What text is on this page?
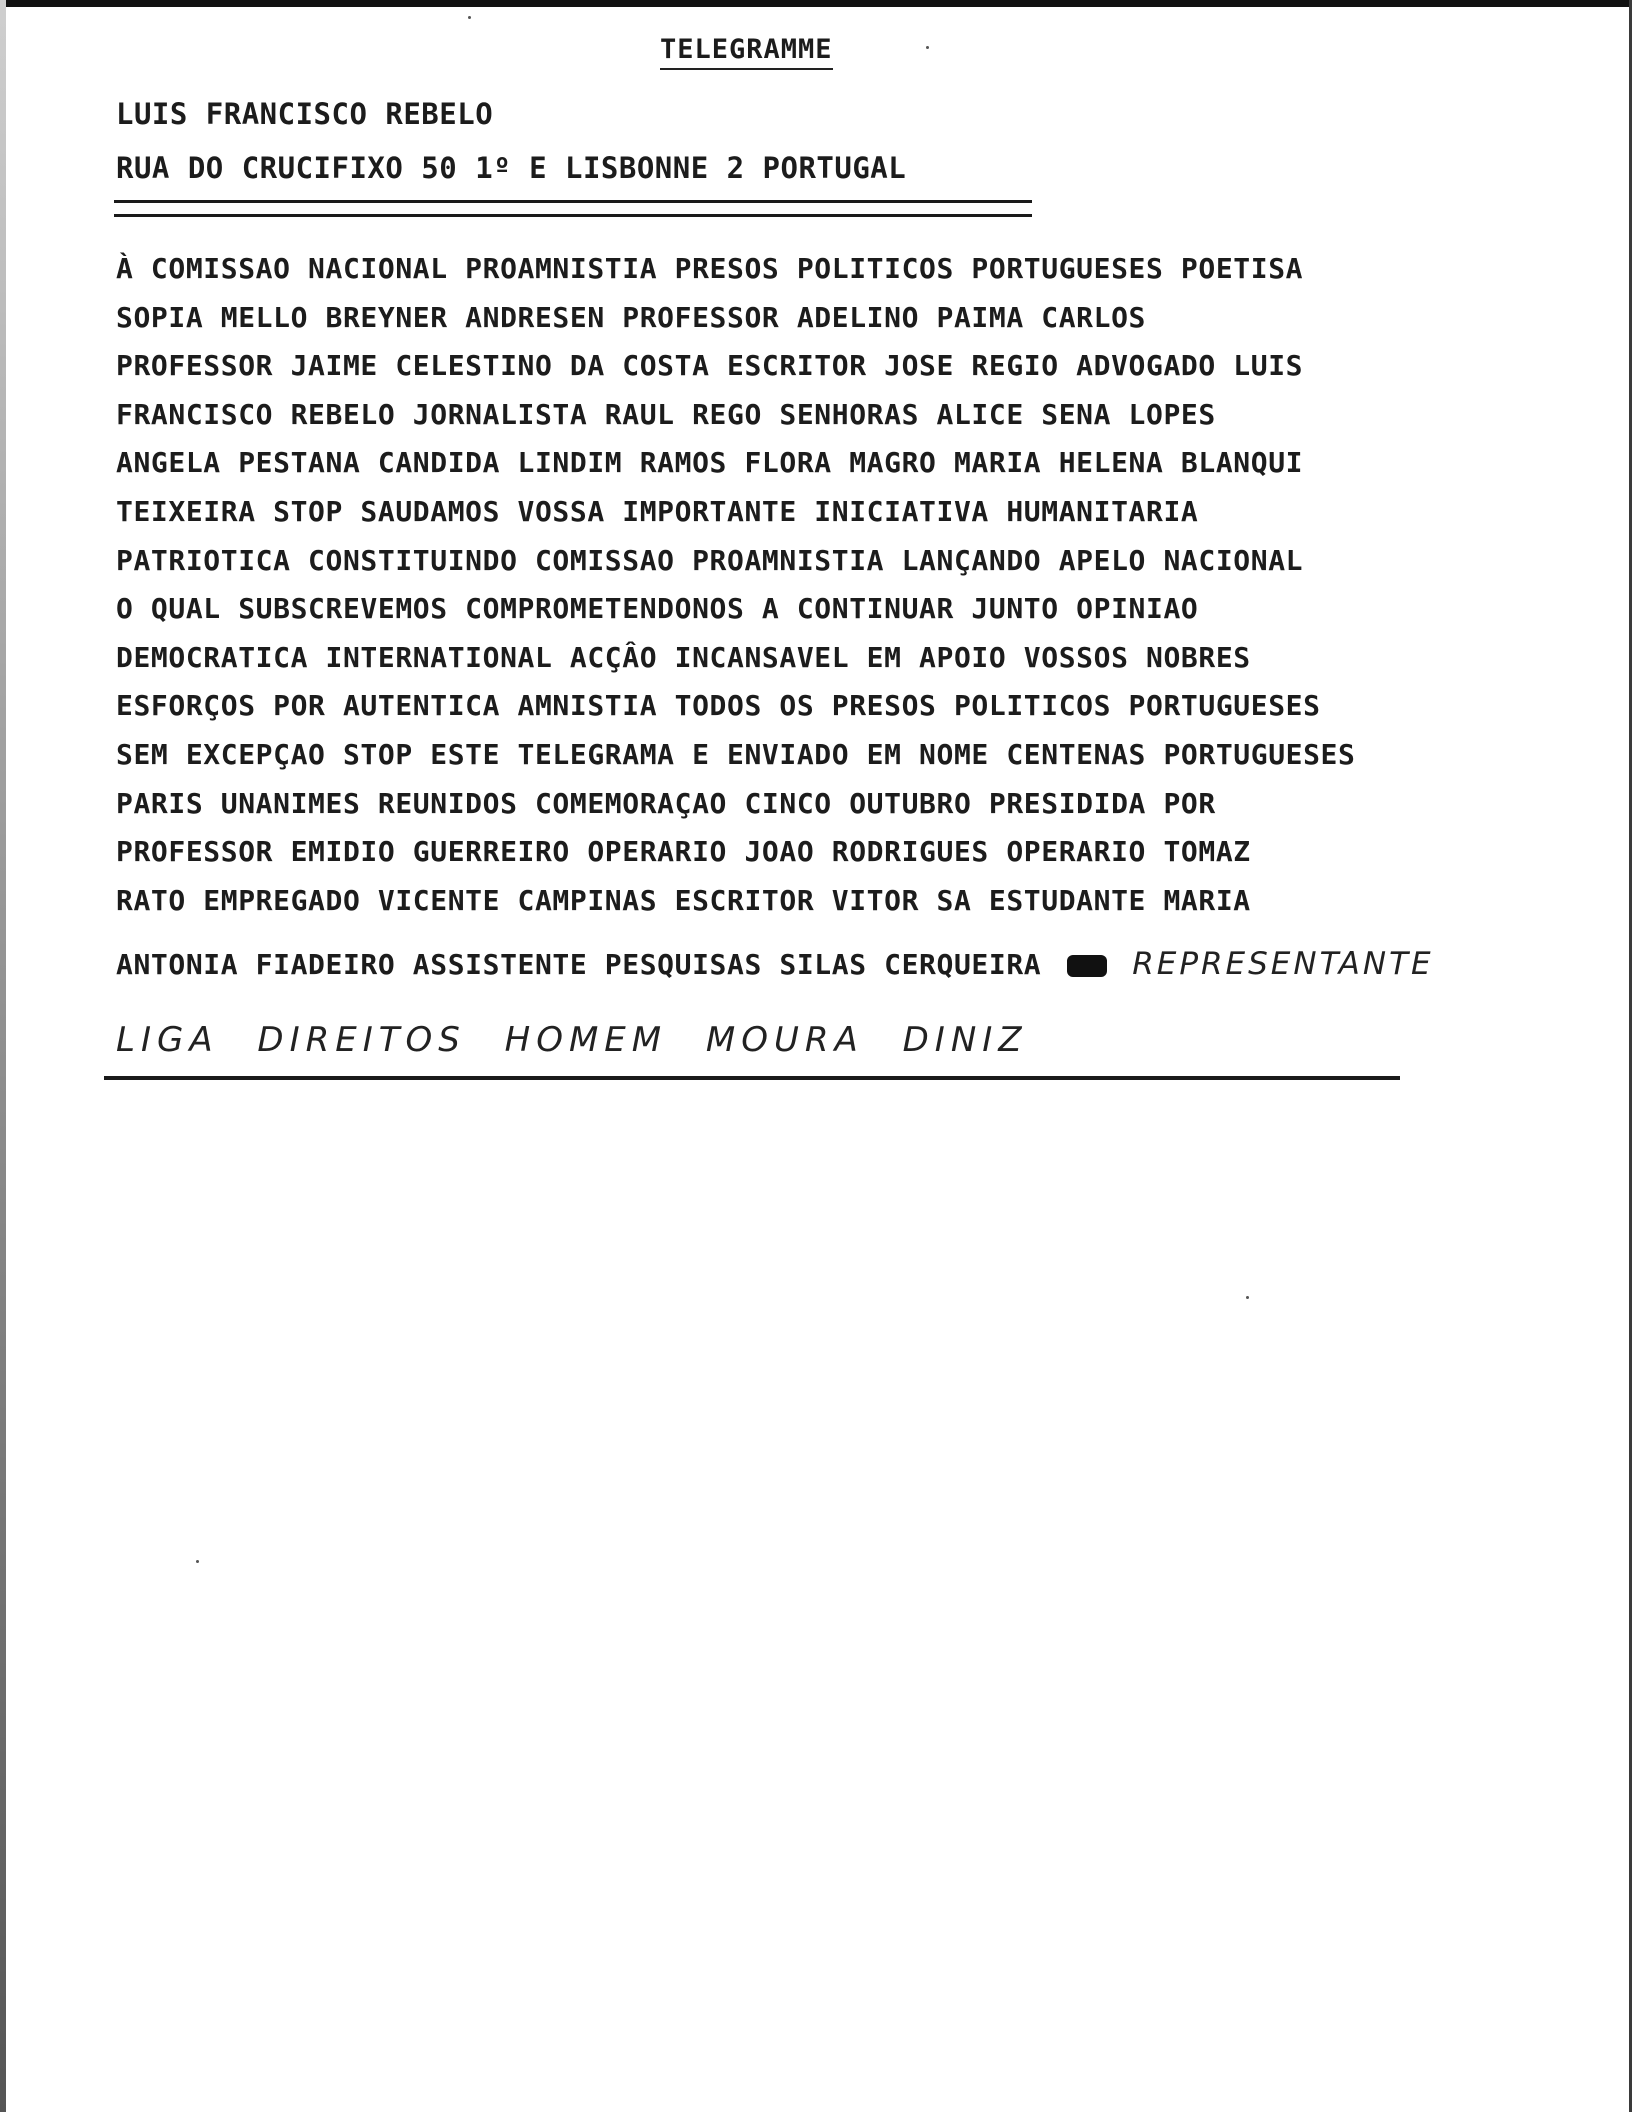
TELEGRAMME
LUIS FRANCISCO REBELO
RUA DO CRUCIFIXO 50 1º E LISBONNE 2 PORTUGAL
À COMISSAO NACIONAL PROAMNISTIA PRESOS POLITICOS PORTUGUESES POETISA
SOPIA MELLO BREYNER ANDRESEN PROFESSOR ADELINO PAIMA CARLOS
PROFESSOR JAIME CELESTINO DA COSTA ESCRITOR JOSE REGIO ADVOGADO LUIS
FRANCISCO REBELO JORNALISTA RAUL REGO SENHORAS ALICE SENA LOPES
ANGELA PESTANA CANDIDA LINDIM RAMOS FLORA MAGRO MARIA HELENA BLANQUI
TEIXEIRA STOP SAUDAMOS VOSSA IMPORTANTE INICIATIVA HUMANITARIA
PATRIOTICA CONSTITUINDO COMISSAO PROAMNISTIA LANÇANDO APELO NACIONAL
O QUAL SUBSCREVEMOS COMPROMETENDONOS A CONTINUAR JUNTO OPINIAO
DEMOCRATICA INTERNATIONAL ACÇÂO INCANSAVEL EM APOIO VOSSOS NOBRES
ESFORÇOS POR AUTENTICA AMNISTIA TODOS OS PRESOS POLITICOS PORTUGUESES
SEM EXCEPÇAO STOP ESTE TELEGRAMA E ENVIADO EM NOME CENTENAS PORTUGUESES
PARIS UNANIMES REUNIDOS COMEMORAÇAO CINCO OUTUBRO PRESIDIDA POR
PROFESSOR EMIDIO GUERREIRO OPERARIO JOAO RODRIGUES OPERARIO TOMAZ
RATO EMPREGADO VICENTE CAMPINAS ESCRITOR VITOR SA ESTUDANTE MARIA
ANTONIA FIADEIRO ASSISTENTE PESQUISAS SILAS CERQUEIRA	REPRESENTANTE
LIGA DIREITOS HOMEM MOURA DINIZ
